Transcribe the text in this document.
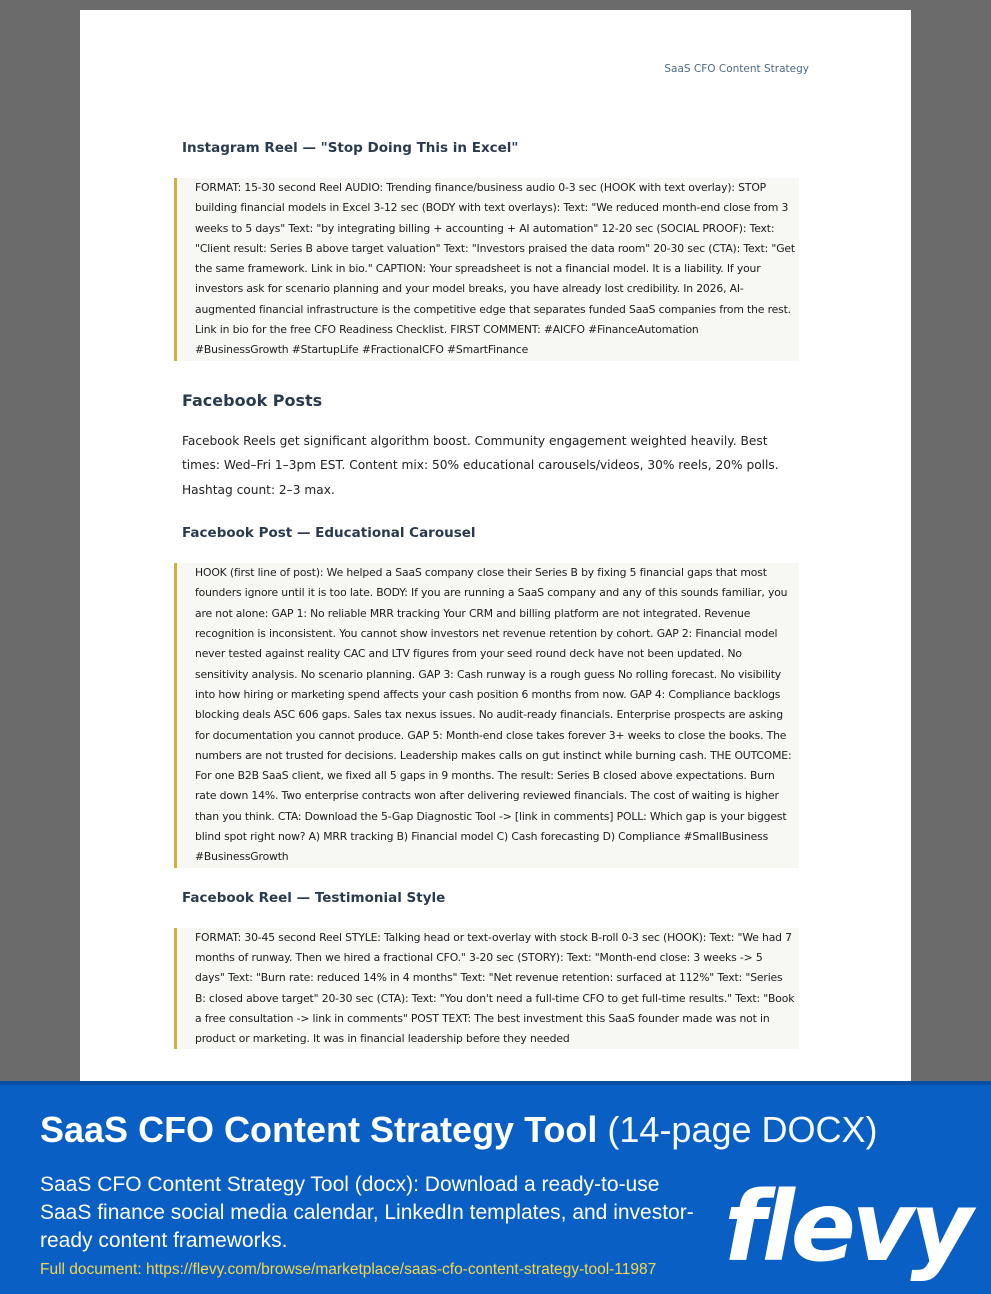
SaaS CFO Content Strategy
Instagram Reel — "Stop Doing This in Excel"
FORMAT: 15-30 second Reel AUDIO: Trending finance/business audio 0-3 sec (HOOK with text overlay): STOP building financial models in Excel 3-12 sec (BODY with text overlays): Text: "We reduced month-end close from 3 weeks to 5 days" Text: "by integrating billing + accounting + AI automation" 12-20 sec (SOCIAL PROOF): Text: "Client result: Series B above target valuation" Text: "Investors praised the data room" 20-30 sec (CTA): Text: "Get the same framework. Link in bio." CAPTION: Your spreadsheet is not a financial model. It is a liability. If your investors ask for scenario planning and your model breaks, you have already lost credibility. In 2026, AI-augmented financial infrastructure is the competitive edge that separates funded SaaS companies from the rest. Link in bio for the free CFO Readiness Checklist. FIRST COMMENT: #AICFO #FinanceAutomation #BusinessGrowth #StartupLife #FractionalCFO #SmartFinance
Facebook Posts

Facebook Reels get significant algorithm boost. Community engagement weighted heavily. Best times: Wed–Fri 1–3pm EST. Content mix: 50% educational carousels/videos, 30% reels, 20% polls. Hashtag count: 2–3 max.

Facebook Post — Educational Carousel
HOOK (first line of post): We helped a SaaS company close their Series B by fixing 5 financial gaps that most founders ignore until it is too late. BODY: If you are running a SaaS company and any of this sounds familiar, you are not alone: GAP 1: No reliable MRR tracking Your CRM and billing platform are not integrated. Revenue recognition is inconsistent. You cannot show investors net revenue retention by cohort. GAP 2: Financial model never tested against reality CAC and LTV figures from your seed round deck have not been updated. No sensitivity analysis. No scenario planning. GAP 3: Cash runway is a rough guess No rolling forecast. No visibility into how hiring or marketing spend affects your cash position 6 months from now. GAP 4: Compliance backlogs blocking deals ASC 606 gaps. Sales tax nexus issues. No audit-ready financials. Enterprise prospects are asking for documentation you cannot produce. GAP 5: Month-end close takes forever 3+ weeks to close the books. The numbers are not trusted for decisions. Leadership makes calls on gut instinct while burning cash. THE OUTCOME: For one B2B SaaS client, we fixed all 5 gaps in 9 months. The result: Series B closed above expectations. Burn rate down 14%. Two enterprise contracts won after delivering reviewed financials. The cost of waiting is higher than you think. CTA: Download the 5-Gap Diagnostic Tool -> [link in comments] POLL: Which gap is your biggest blind spot right now? A) MRR tracking B) Financial model C) Cash forecasting D) Compliance #SmallBusiness #BusinessGrowth
Facebook Reel — Testimonial Style
FORMAT: 30-45 second Reel STYLE: Talking head or text-overlay with stock B-roll 0-3 sec (HOOK): Text: "We had 7 months of runway. Then we hired a fractional CFO." 3-20 sec (STORY): Text: "Month-end close: 3 weeks -> 5 days" Text: "Burn rate: reduced 14% in 4 months" Text: "Net revenue retention: surfaced at 112%" Text: "Series B: closed above target" 20-30 sec (CTA): Text: "You don't need a full-time CFO to get full-time results." Text: "Book a free consultation -> link in comments" POST TEXT: The best investment this SaaS founder made was not in product or marketing. It was in financial leadership before they needed
SaaS CFO Content Strategy Tool (14-page DOCX)
SaaS CFO Content Strategy Tool (docx): Download a ready-to-use SaaS finance social media calendar, LinkedIn templates, and investor-ready content frameworks.
Full document: https://flevy.com/browse/marketplace/saas-cfo-content-strategy-tool-11987 flevy
